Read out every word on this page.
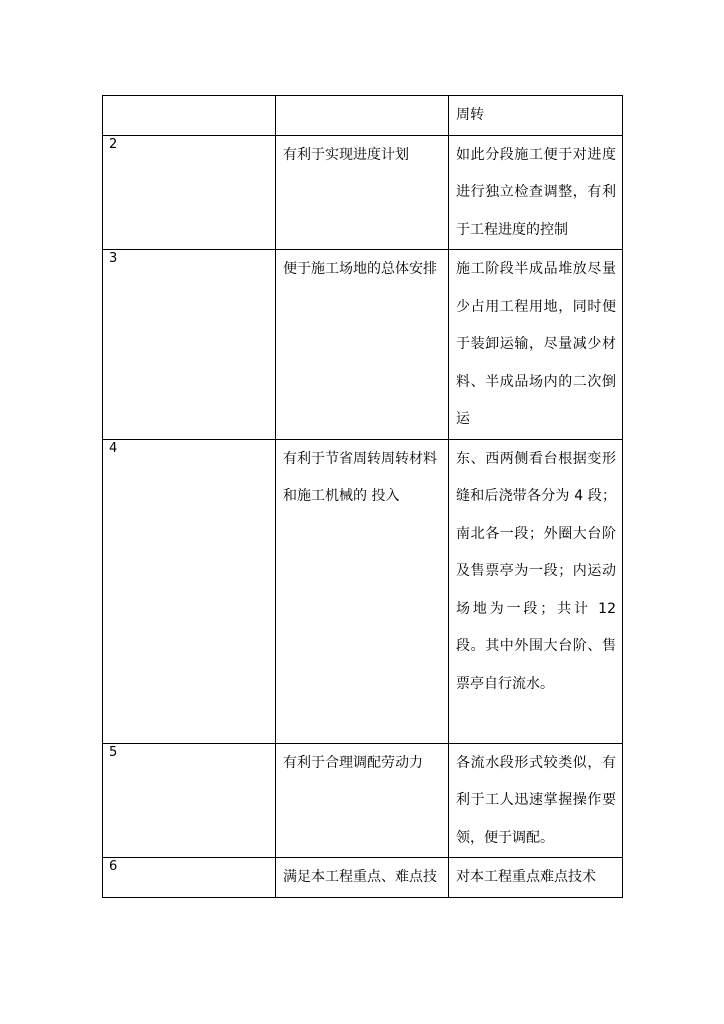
		周转

2	有利于实现进度计划	如此分段施工便于对进度进行独立检查调整，有利于工程进度的控制

3	便于施工场地的总体安排	施工阶段半成品堆放尽量少占用工程用地，同时便于装卸运输，尽量减少材料、半成品场内的二次倒运

4	有利于节省周转周转材料和施工机械的 投入	东、西两侧看台根据变形缝和后浇带各分为 4 段；南北各一段；外圈大台阶及售票亭为一段；内运动场地为一段；共计 12 段。其中外围大台阶、售票亭自行流水。

5	有利于合理调配劳动力	各流水段形式较类似，有利于工人迅速掌握操作要领，便于调配。

6	满足本工程重点、难点技	对本工程重点难点技术
